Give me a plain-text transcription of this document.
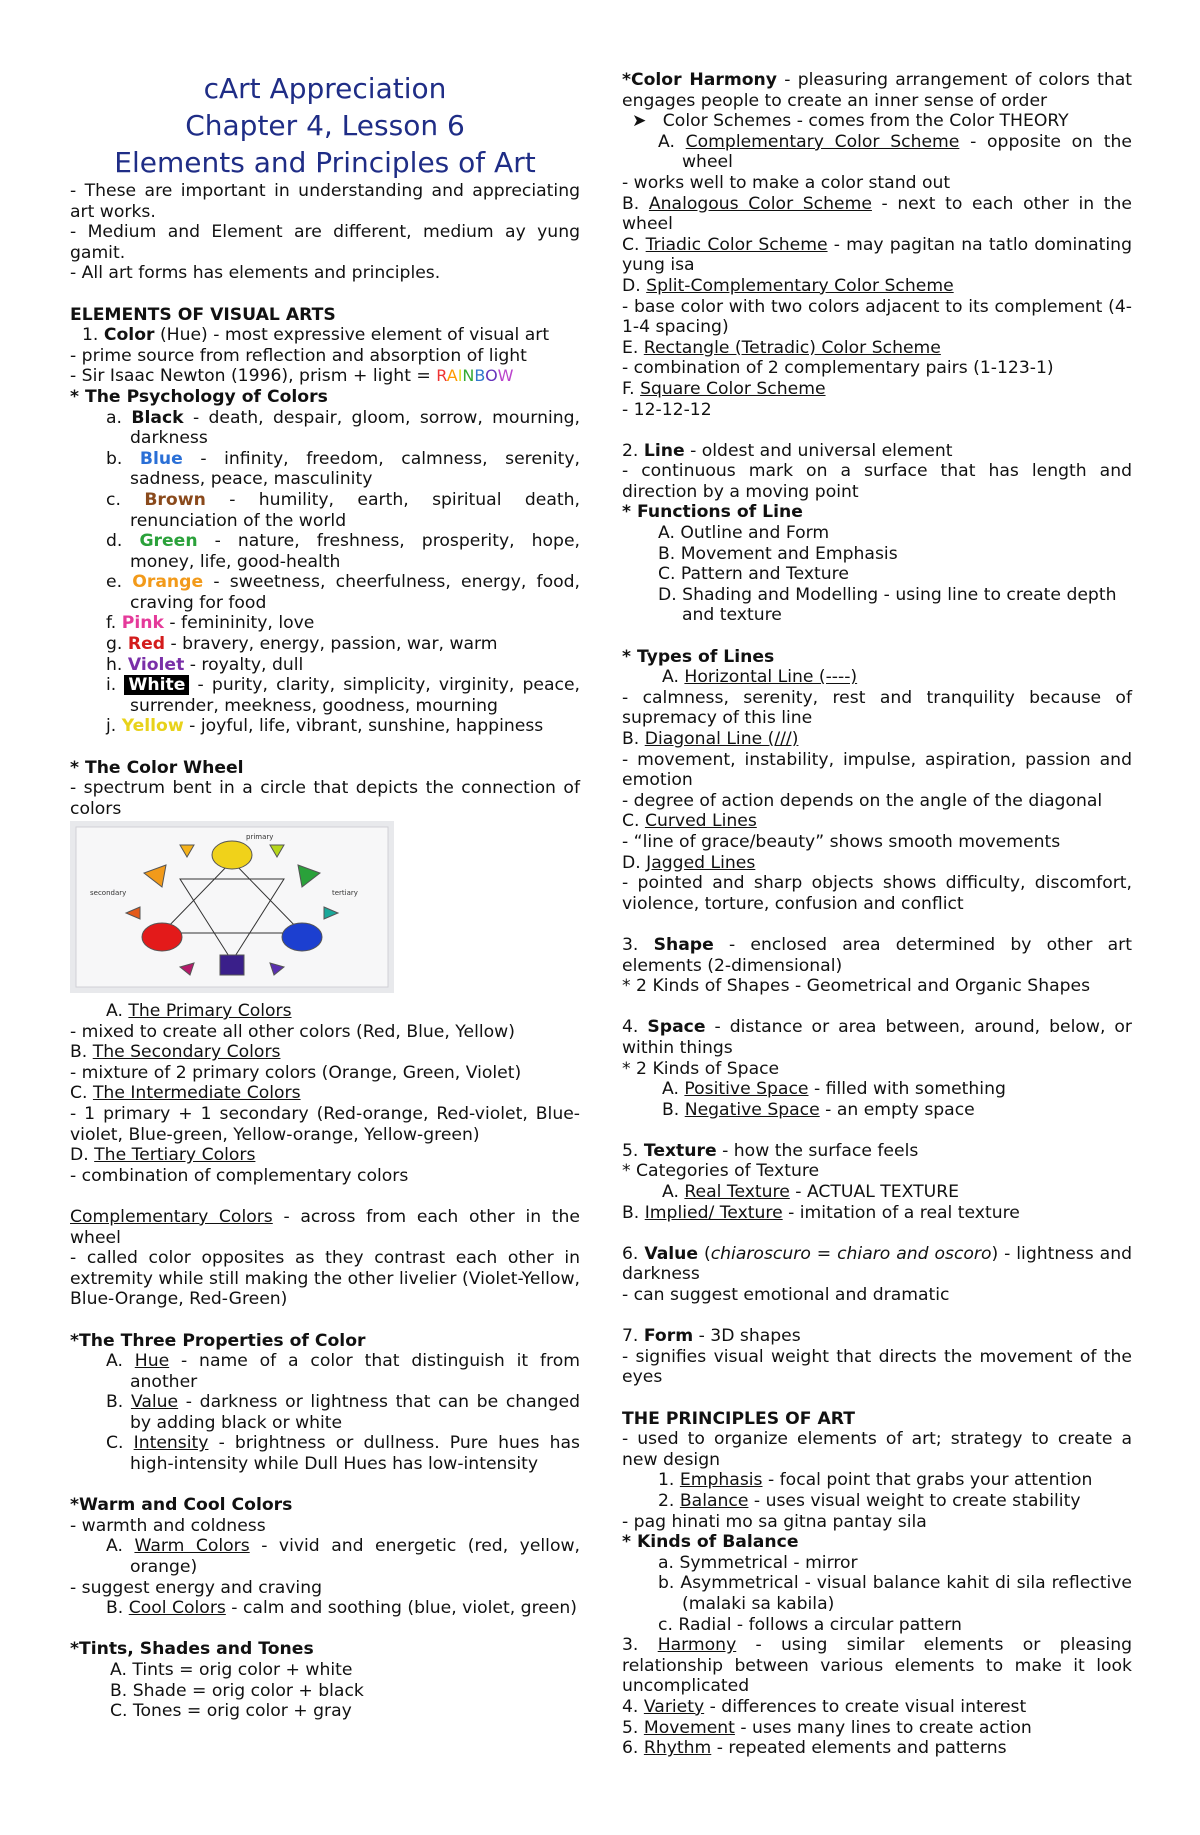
cArt Appreciation
Chapter 4, Lesson 6
Elements and Principles of Art

- These are important in understanding and appreciating art works.

- Medium and Element are different, medium ay yung gamit.

- All art forms has elements and principles.

ELEMENTS OF VISUAL ARTS

1. Color (Hue) - most expressive element of visual art

- prime source from reflection and absorption of light

- Sir Isaac Newton (1996), prism + light = RAINBOW

* The Psychology of Colors

a. Black - death, despair, gloom, sorrow, mourning, darkness

b. Blue - infinity, freedom, calmness, serenity, sadness, peace, masculinity

c. Brown - humility, earth, spiritual death, renunciation of the world

d. Green - nature, freshness, prosperity, hope, money, life, good-health

e. Orange - sweetness, cheerfulness, energy, food, craving for food

f. Pink - femininity, love

g. Red - bravery, energy, passion, war, warm

h. Violet - royalty, dull

i. White - purity, clarity, simplicity, virginity, peace, surrender, meekness, goodness, mourning

j. Yellow - joyful, life, vibrant, sunshine, happiness

* The Color Wheel

- spectrum bent in a circle that depicts the connection of colors

primary
secondary	tertiary

A. The Primary Colors

- mixed to create all other colors (Red, Blue, Yellow)

B. The Secondary Colors

- mixture of 2 primary colors (Orange, Green, Violet)

C. The Intermediate Colors

- 1 primary + 1 secondary (Red-orange, Red-violet, Blue-violet, Blue-green, Yellow-orange, Yellow-green)

D. The Tertiary Colors

- combination of complementary colors

Complementary Colors - across from each other in the wheel

- called color opposites as they contrast each other in extremity while still making the other livelier (Violet-Yellow, Blue-Orange, Red-Green)

*The Three Properties of Color

A. Hue - name of a color that distinguish it from another

B. Value - darkness or lightness that can be changed by adding black or white

C. Intensity - brightness or dullness. Pure hues has high-intensity while Dull Hues has low-intensity

*Warm and Cool Colors

- warmth and coldness

A. Warm Colors - vivid and energetic (red, yellow, orange)

- suggest energy and craving

B. Cool Colors - calm and soothing (blue, violet, green)

*Tints, Shades and Tones

A. Tints = orig color + white

B. Shade = orig color + black

C. Tones = orig color + gray

*Color Harmony - pleasuring arrangement of colors that engages people to create an inner sense of order

➤   Color Schemes - comes from the Color THEORY

A. Complementary Color Scheme - opposite on the wheel

- works well to make a color stand out

B. Analogous Color Scheme - next to each other in the wheel

C. Triadic Color Scheme - may pagitan na tatlo dominating yung isa

D. Split-Complementary Color Scheme

- base color with two colors adjacent to its complement (4-1-4 spacing)

E. Rectangle (Tetradic) Color Scheme

- combination of 2 complementary pairs (1-123-1)

F. Square Color Scheme

- 12-12-12

2. Line - oldest and universal element

- continuous mark on a surface that has length and direction by a moving point

* Functions of Line

A. Outline and Form

B. Movement and Emphasis

C. Pattern and Texture

D. Shading and Modelling - using line to create depth and texture

* Types of Lines

A. Horizontal Line (----)

- calmness, serenity, rest and tranquility because of supremacy of this line

B. Diagonal Line (///)

- movement, instability, impulse, aspiration, passion and emotion

- degree of action depends on the angle of the diagonal

C. Curved Lines

- “line of grace/beauty” shows smooth movements

D. Jagged Lines

- pointed and sharp objects shows difficulty, discomfort, violence, torture, confusion and conflict

3. Shape - enclosed area determined by other art elements (2-dimensional)

* 2 Kinds of Shapes - Geometrical and Organic Shapes

4. Space - distance or area between, around, below, or within things

* 2 Kinds of Space

A. Positive Space - filled with something

B. Negative Space - an empty space

5. Texture - how the surface feels

* Categories of Texture

A. Real Texture - ACTUAL TEXTURE

B. Implied/ Texture - imitation of a real texture

6. Value (chiaroscuro = chiaro and oscoro) - lightness and darkness

- can suggest emotional and dramatic

7. Form - 3D shapes

- signifies visual weight that directs the movement of the eyes

THE PRINCIPLES OF ART

- used to organize elements of art; strategy to create a new design

1. Emphasis - focal point that grabs your attention

2. Balance - uses visual weight to create stability

- pag hinati mo sa gitna pantay sila

* Kinds of Balance

a. Symmetrical - mirror

b. Asymmetrical - visual balance kahit di sila reflective (malaki sa kabila)

c. Radial - follows a circular pattern

3. Harmony - using similar elements or pleasing relationship between various elements to make it look uncomplicated

4. Variety - differences to create visual interest

5. Movement - uses many lines to create action

6. Rhythm - repeated elements and patterns
